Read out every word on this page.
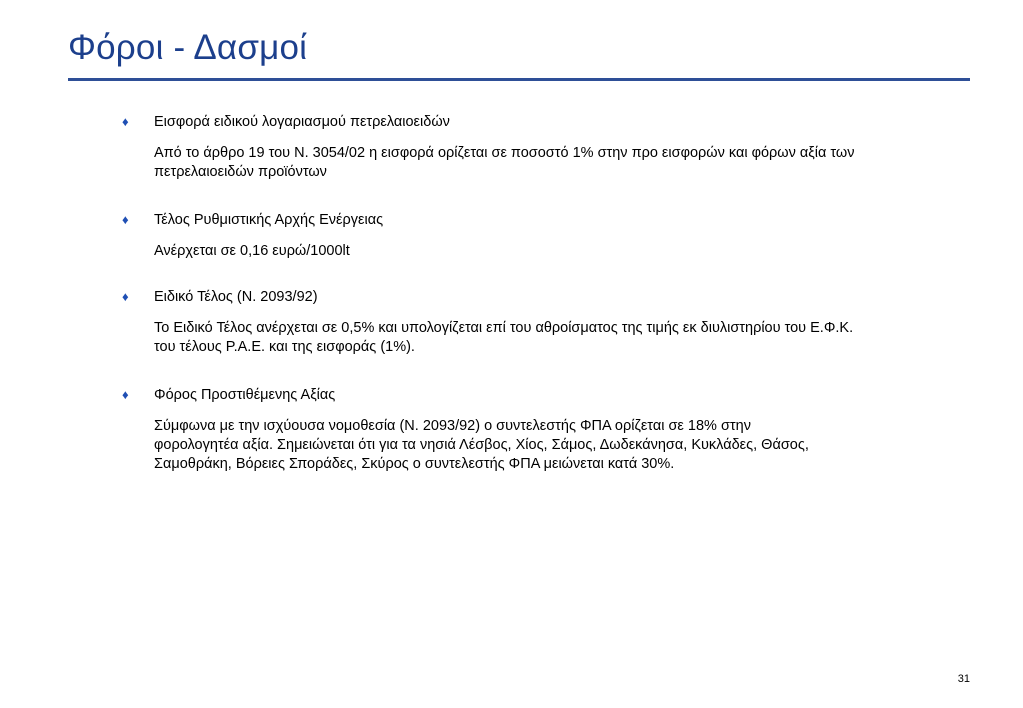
Φόροι - Δασμοί
♦ Εισφορά ειδικού λογαριασμού πετρελαιοειδών
Από το άρθρο 19 του Ν. 3054/02 η εισφορά ορίζεται σε ποσοστό 1% στην προ εισφορών και φόρων αξία των
πετρελαιοειδών προϊόντων
♦ Τέλος Ρυθμιστικής Αρχής Ενέργειας
Ανέρχεται σε 0,16 ευρώ/1000lt
♦ Ειδικό Τέλος (Ν. 2093/92)
Το Ειδικό Τέλος ανέρχεται σε 0,5% και υπολογίζεται επί του αθροίσματος της τιμής εκ διυλιστηρίου του Ε.Φ.Κ.
του τέλους Ρ.Α.Ε. και της εισφοράς (1%).
♦ Φόρος Προστιθέμενης Αξίας
Σύμφωνα με την ισχύουσα νομοθεσία (Ν. 2093/92) ο συντελεστής ΦΠΑ ορίζεται σε 18% στην
φορολογητέα αξία. Σημειώνεται ότι για τα νησιά Λέσβος, Χίος, Σάμος, Δωδεκάνησα, Κυκλάδες, Θάσος,
Σαμοθράκη, Βόρειες Σποράδες, Σκύρος ο συντελεστής ΦΠΑ μειώνεται κατά 30%.
31
